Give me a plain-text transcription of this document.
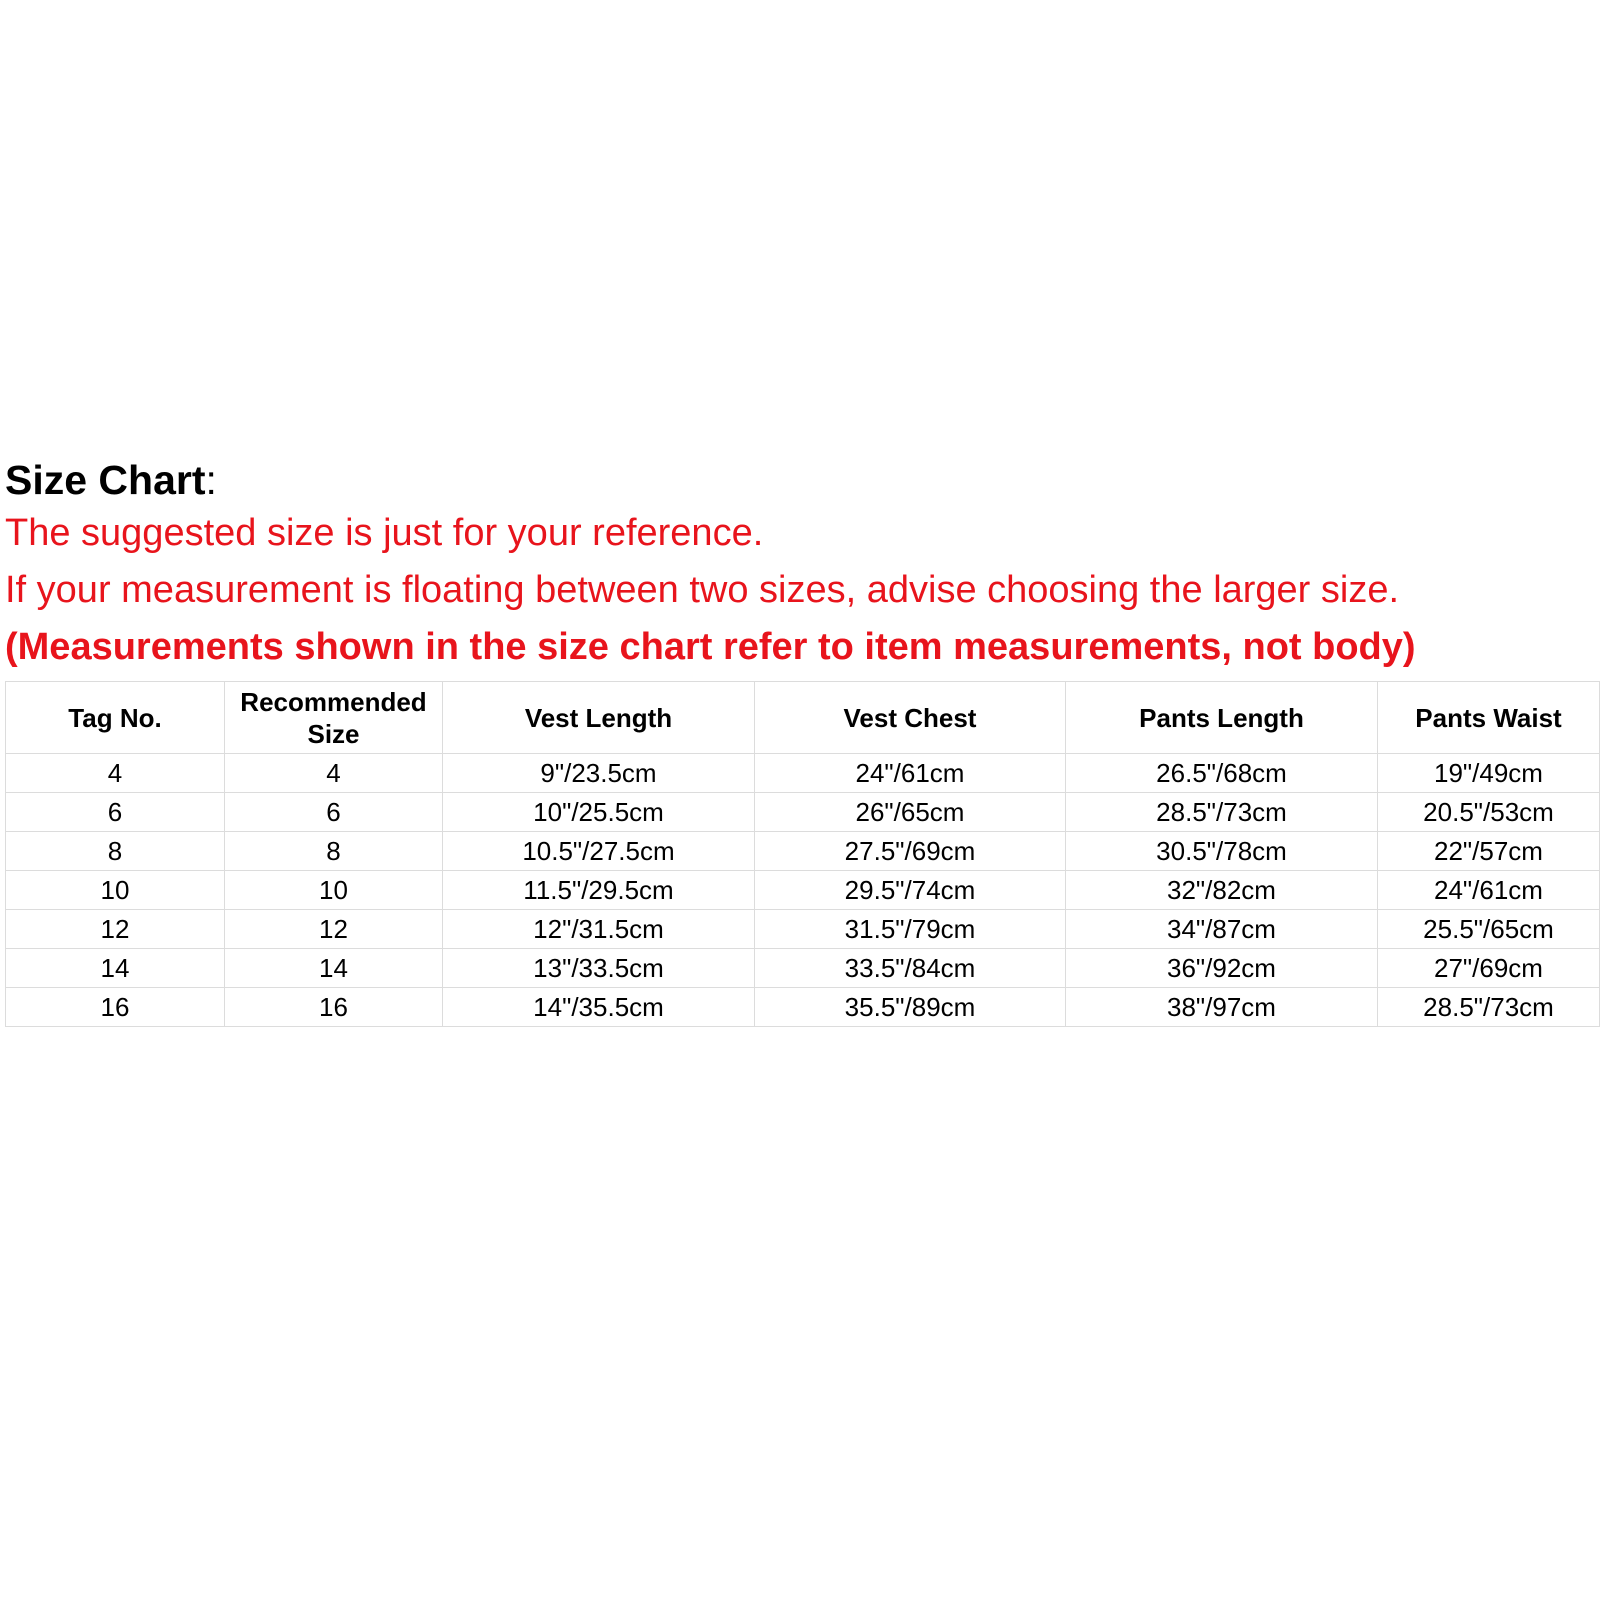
Size Chart:

The suggested size is just for your reference.

If your measurement is floating between two sizes, advise choosing the larger size.

(Measurements shown in the size chart refer to item measurements, not body)

Tag No.	Recommended Size	Vest Length	Vest Chest	Pants Length	Pants Waist
4	4	9"/23.5cm	24"/61cm	26.5"/68cm	19"/49cm
6	6	10"/25.5cm	26"/65cm	28.5"/73cm	20.5"/53cm
8	8	10.5"/27.5cm	27.5"/69cm	30.5"/78cm	22"/57cm
10	10	11.5"/29.5cm	29.5"/74cm	32"/82cm	24"/61cm
12	12	12"/31.5cm	31.5"/79cm	34"/87cm	25.5"/65cm
14	14	13"/33.5cm	33.5"/84cm	36"/92cm	27"/69cm
16	16	14"/35.5cm	35.5"/89cm	38"/97cm	28.5"/73cm
